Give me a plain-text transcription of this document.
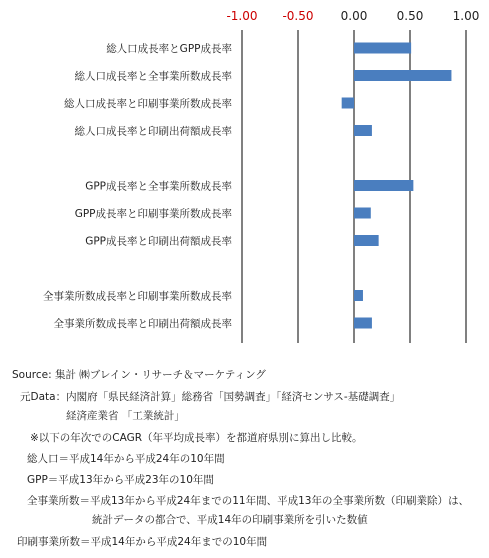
-1.00 -0.50 0.00 0.50 1.00
総人口成長率とGPP成長率
総人口成長率と全事業所数成長率
総人口成長率と印刷事業所数成長率
総人口成長率と印刷出荷額成長率
GPP成長率と全事業所数成長率
GPP成長率と印刷事業所数成長率
GPP成長率と印刷出荷額成長率
全事業所数成長率と印刷事業所数成長率
全事業所数成長率と印刷出荷額成長率
Source: 集計 ㈱ブレイン・リサーチ＆マーケティング
元Data：内閣府「県民経済計算」総務省「国勢調査」「経済センサス-基礎調査」
経済産業省 「工業統計」
※以下の年次でのCAGR（年平均成長率）を都道府県別に算出し比較。
総人口＝平成14年から平成24年の10年間
GPP＝平成13年から平成23年の10年間
全事業所数＝平成13年から平成24年までの11年間、平成13年の全事業所数（印刷業除）は、
統計データの都合で、平成14年の印刷事業所を引いた数値
印刷事業所数＝平成14年から平成24年までの10年間
